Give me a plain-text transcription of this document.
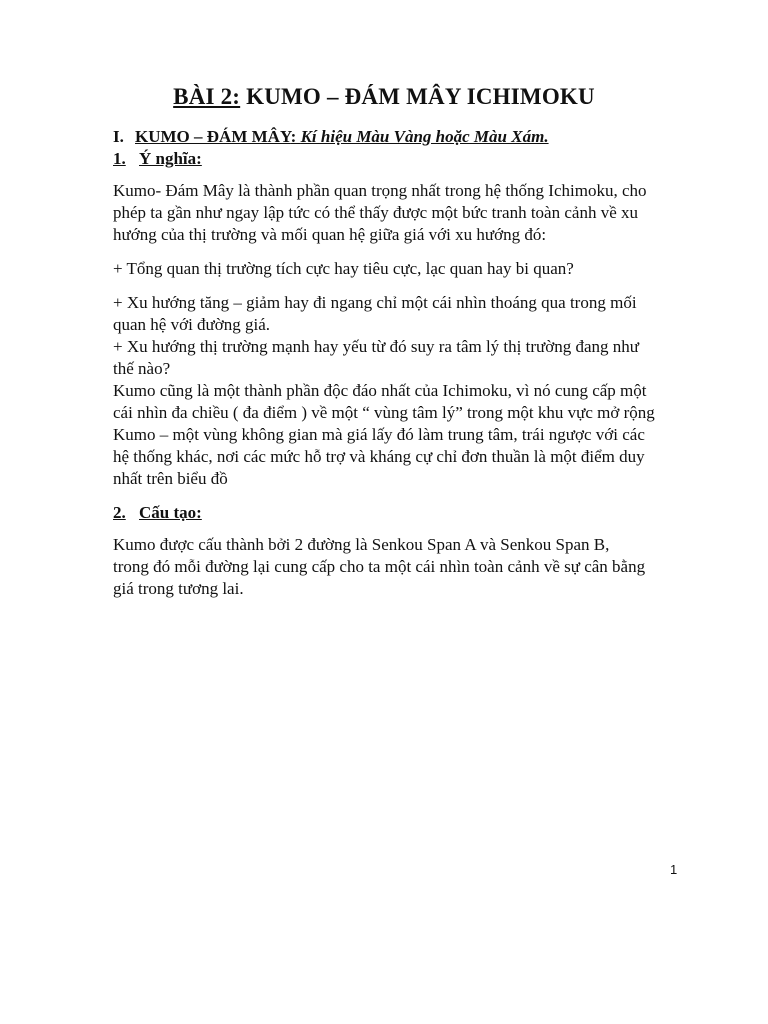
BÀI 2: KUMO – ĐÁM MÂY ICHIMOKU
I. KUMO – ĐÁM MÂY: Kí hiệu Màu Vàng hoặc Màu Xám.
1. Ý nghĩa:
Kumo- Đám Mây là thành phần quan trọng nhất trong hệ thống Ichimoku, cho
phép ta gần như ngay lập tức có thể thấy được một bức tranh toàn cảnh về xu
hướng của thị trường và mối quan hệ giữa giá với xu hướng đó:
+ Tổng quan thị trường tích cực hay tiêu cực, lạc quan hay bi quan?
+ Xu hướng tăng – giảm hay đi ngang chỉ một cái nhìn thoáng qua trong mối
quan hệ với đường giá.
+ Xu hướng thị trường mạnh hay yếu từ đó suy ra tâm lý thị trường đang như
thế nào?
Kumo cũng là một thành phần độc đáo nhất của Ichimoku, vì nó cung cấp một
cái nhìn đa chiều ( đa điểm ) về một “ vùng tâm lý” trong một khu vực mở rộng
Kumo – một vùng không gian mà giá lấy đó làm trung tâm, trái ngược với các
hệ thống khác, nơi các mức hỗ trợ và kháng cự chỉ đơn thuần là một điểm duy
nhất trên biểu đồ
2. Cấu tạo:
Kumo được cấu thành bởi 2 đường là Senkou Span A và Senkou Span B,
trong đó mỗi đường lại cung cấp cho ta một cái nhìn toàn cảnh về sự cân bằng
giá trong tương lai.
1
